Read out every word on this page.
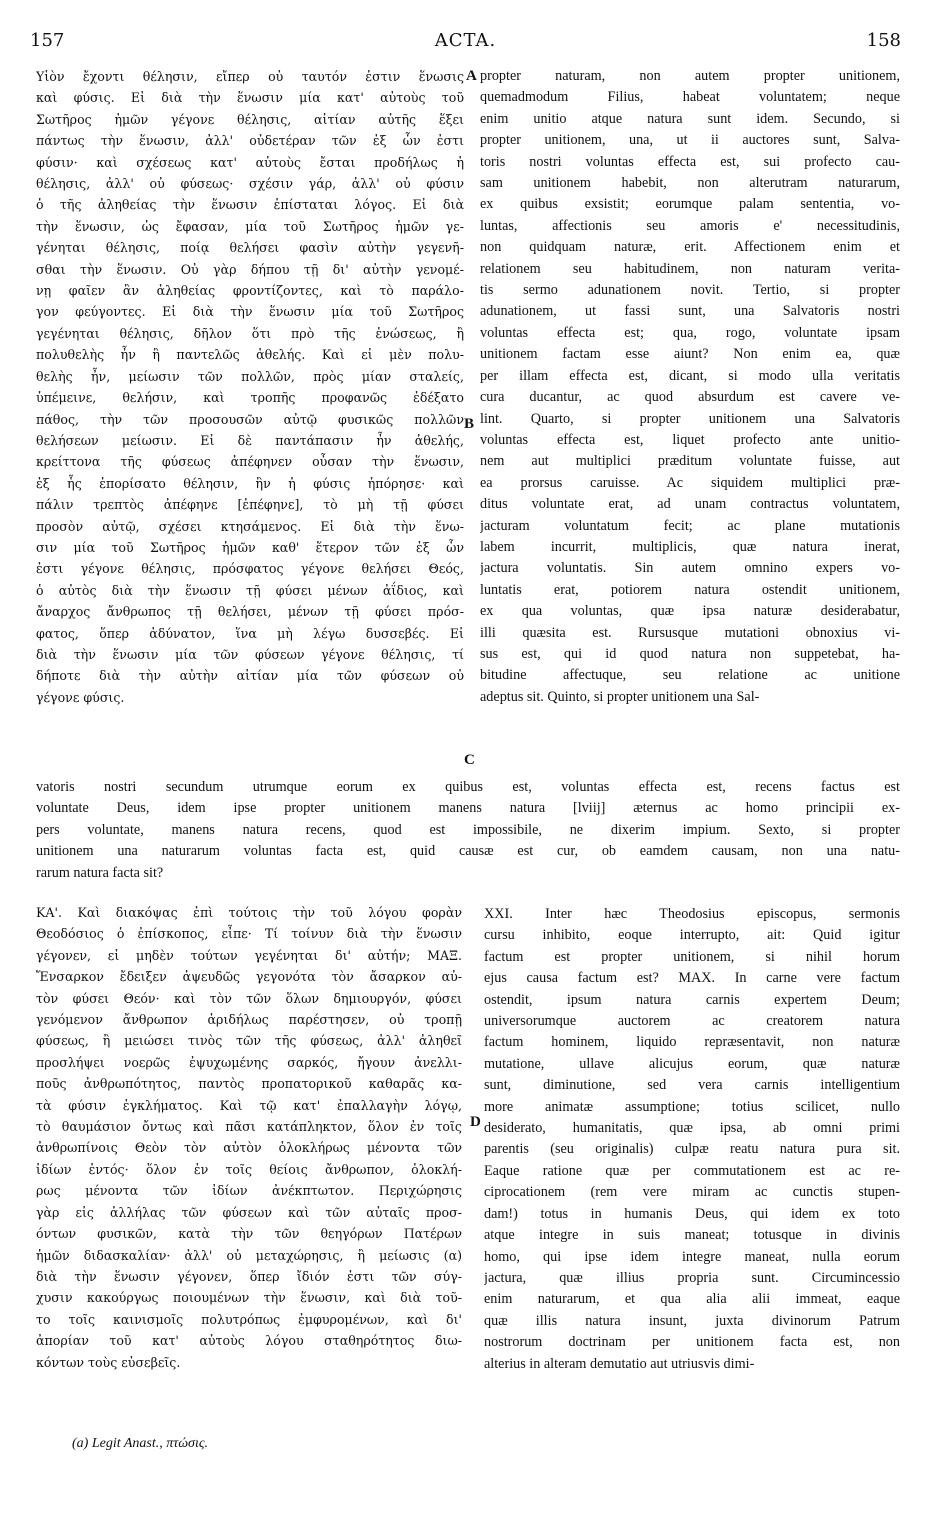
157	ACTA.	158
Υἱὸν ἔχοντι θέλησιν, εἴπερ οὐ ταυτόν ἐστιν ἕνωσις
καὶ φύσις. Εἰ διὰ τὴν ἕνωσιν μία κατ' αὐτοὺς τοῦ
Σωτῆρος ἡμῶν γέγονε θέλησις, αἰτίαν αὐτῆς ἕξει
πάντως τὴν ἕνωσιν, ἀλλ' οὐδετέραν τῶν ἐξ ὧν ἐστι
φύσιν· καὶ σχέσεως κατ' αὐτοὺς ἔσται προδήλως ἡ
θέλησις, ἀλλ' οὐ φύσεως· σχέσιν γάρ, ἀλλ' οὐ φύσιν
ὁ τῆς ἀληθείας τὴν ἕνωσιν ἐπίσταται λόγος. Εἰ διὰ
τὴν ἕνωσιν, ὡς ἔφασαν, μία τοῦ Σωτῆρος ἡμῶν γε-
γένηται θέλησις, ποίᾳ θελήσει φασὶν αὐτὴν γεγενῆ-
σθαι τὴν ἕνωσιν. Οὐ γὰρ δήπου τῇ δι' αὐτὴν γενομέ-
νῃ φαῖεν ἂν ἀληθείας φροντίζοντες, καὶ τὸ παράλο-
γον φεύγοντες. Εἰ διὰ τὴν ἕνωσιν μία τοῦ Σωτῆρος
γεγένηται θέλησις, δῆλον ὅτι πρὸ τῆς ἑνώσεως, ἢ
πολυθελὴς ἦν ἢ παντελῶς ἀθελής. Καὶ εἰ μὲν πολυ-
θελὴς ἦν, μείωσιν τῶν πολλῶν, πρὸς μίαν σταλείς,
ὑπέμεινε, θελήσιν, καὶ τροπῆς προφανῶς ἐδέξατο
πάθος, τὴν τῶν προσουσῶν αὐτῷ φυσικῶς πολλῶν
θελήσεων μείωσιν. Εἰ δὲ παντάπασιν ἦν ἀθελής,
κρείττονα τῆς φύσεως ἀπέφηνεν οὖσαν τὴν ἕνωσιν,
ἐξ ἧς ἐπορίσατο θέλησιν, ἣν ἡ φύσις ἠπόρησε· καὶ
πάλιν τρεπτὸς ἀπέφηνε [ἐπέφηνε], τὸ μὴ τῇ φύσει
προσὸν αὐτῷ, σχέσει κτησάμενος. Εἰ διὰ τὴν ἕνω-
σιν μία τοῦ Σωτῆρος ἡμῶν καθ' ἕτερον τῶν ἐξ ὧν
ἐστι γέγονε θέλησις, πρόσφατος γέγονε θελήσει Θεός,
ὁ αὐτὸς διὰ τὴν ἕνωσιν τῇ φύσει μένων ἀΐδιος, καὶ
ἄναρχος ἄνθρωπος τῇ θελήσει, μένων τῇ φύσει πρόσ-
φατος, ὅπερ ἀδύνατον, ἵνα μὴ λέγω δυσσεβές. Εἰ
διὰ τὴν ἕνωσιν μία τῶν φύσεων γέγονε θέλησις, τί
δήποτε διὰ τὴν αὐτὴν αἰτίαν μία τῶν φύσεων οὐ
γέγονε φύσις.
propter naturam, non autem propter unitionem,
quemadmodum Filius, habeat voluntatem; neque
enim unitio atque natura sunt idem. Secundo, si
propter unitionem, una, ut ii auctores sunt, Salva-
toris nostri voluntas effecta est, sui profecto cau-
sam unitionem habebit, non alterutram naturarum,
ex quibus exsistit; eorumque palam sententia, vo-
luntas, affectionis seu amoris e' necessitudinis,
non quidquam naturæ, erit. Affectionem enim et
relationem seu habitudinem, non naturam verita-
tis sermo adunationem novit. Tertio, si propter
adunationem, ut fassi sunt, una Salvatoris nostri
voluntas effecta est; qua, rogo, voluntate ipsam
unitionem factam esse aiunt? Non enim ea, quæ
per illam effecta est, dicant, si modo ulla veritatis
cura ducantur, ac quod absurdum est cavere ve-
lint. Quarto, si propter unitionem una Salvatoris
voluntas effecta est, liquet profecto ante unitio-
nem aut multiplici præditum voluntate fuisse, aut
ea prorsus caruisse. Ac siquidem multiplici præ-
ditus voluntate erat, ad unam contractus voluntatem,
jacturam voluntatum fecit; ac plane mutationis
labem incurrit, multiplicis, quæ natura inerat,
jactura voluntatis. Sin autem omnino expers vo-
luntatis erat, potiorem natura ostendit unitionem,
ex qua voluntas, quæ ipsa naturæ desiderabatur,
illi quæsita est. Rursusque mutationi obnoxius vi-
sus est, qui id quod natura non suppetebat, ha-
bitudine affectuque, seu relatione ac unitione
adeptus sit. Quinto, si propter unitionem una Sal-
vatoris nostri secundum utrumque eorum ex quibus est, voluntas effecta est, recens factus est
voluntate Deus, idem ipse propter unitionem manens natura [lviij] æternus ac homo principii ex-
pers voluntate, manens natura recens, quod est impossibile, ne dixerim impium. Sexto, si propter
unitionem una naturarum voluntas facta est, quid causæ est cur, ob eamdem causam, non una natu-
rarum natura facta sit?
ΚΑ'. Καὶ διακόψας ἐπὶ τούτοις τὴν τοῦ λόγου φορὰν
Θεοδόσιος ὁ ἐπίσκοπος, εἶπε· Τί τοίνυν διὰ τὴν ἕνωσιν
γέγονεν, εἰ μηδὲν τούτων γεγένηται δι' αὐτήν; ΜΑΞ.
Ἔνσαρκον ἔδειξεν ἀψευδῶς γεγονότα τὸν ἄσαρκον αὐ-
τὸν φύσει Θεόν· καὶ τὸν τῶν ὅλων δημιουργόν, φύσει
γενόμενον ἄνθρωπον ἀριδήλως παρέστησεν, οὐ τροπῇ
φύσεως, ἢ μειώσει τινὸς τῶν τῆς φύσεως, ἀλλ' ἀληθεῖ
προσλήψει νοερῶς ἐψυχωμένης σαρκός, ἤγουν ἀνελλι-
ποῦς ἀνθρωπότητος, παντὸς προπατορικοῦ καθαρᾶς κα-
τὰ φύσιν ἐγκλήματος. Καὶ τῷ κατ' ἐπαλλαγὴν λόγῳ,
τὸ θαυμάσιον ὄντως καὶ πᾶσι κατάπληκτον, ὅλον ἐν τοῖς
ἀνθρωπίνοις Θεὸν τὸν αὐτὸν ὁλοκλήρως μένοντα τῶν
ἰδίων ἐντός· ὅλον ἐν τοῖς θείοις ἄνθρωπον, ὁλοκλή-
ρως μένοντα τῶν ἰδίων ἀνέκπτωτον. Περιχώρησις
γὰρ εἰς ἀλλήλας τῶν φύσεων καὶ τῶν αὐταῖς προσ-
όντων φυσικῶν, κατὰ τὴν τῶν θεηγόρων Πατέρων
ἡμῶν διδασκαλίαν· ἀλλ' οὐ μεταχώρησις, ἢ μείωσις (α)
διὰ τὴν ἕνωσιν γέγονεν, ὅπερ ἴδιόν ἐστι τῶν σύγ-
χυσιν κακούργως ποιουμένων τὴν ἕνωσιν, καὶ διὰ τοῦ-
το τοῖς καινισμοῖς πολυτρόπως ἐμφυρομένων, καὶ δι'
ἀπορίαν τοῦ κατ' αὐτοὺς λόγου σταθηρότητος διω-
κόντων τοὺς εὐσεβεῖς.
XXI. Inter hæc Theodosius episcopus, sermonis
cursu inhibito, eoque interrupto, ait: Quid igitur
factum est propter unitionem, si nihil horum
ejus causa factum est? MAX. In carne vere factum
ostendit, ipsum natura carnis expertem Deum;
universorumque auctorem ac creatorem natura
factum hominem, liquido repræsentavit, non naturæ
mutatione, ullave alicujus eorum, quæ naturæ
sunt, diminutione, sed vera carnis intelligentium
more animatæ assumptione; totius scilicet, nullo
desiderato, humanitatis, quæ ipsa, ab omni primi
parentis (seu originalis) culpæ reatu natura pura sit.
Eaque ratione quæ per commutationem est ac re-
ciprocationem (rem vere miram ac cunctis stupen-
dam!) totus in humanis Deus, qui idem ex toto
atque integre in suis maneat; totusque in divinis
homo, qui ipse idem integre maneat, nulla eorum
jactura, quæ illius propria sunt. Circumincessio
enim naturarum, et qua alia alii immeat, eaque
quæ illis natura insunt, juxta divinorum Patrum
nostrorum doctrinam per unitionem facta est, non
alterius in alteram demutatio aut utriusvis dimi-
A
B
C
D
(a) Legit Anast., πτώσις.
